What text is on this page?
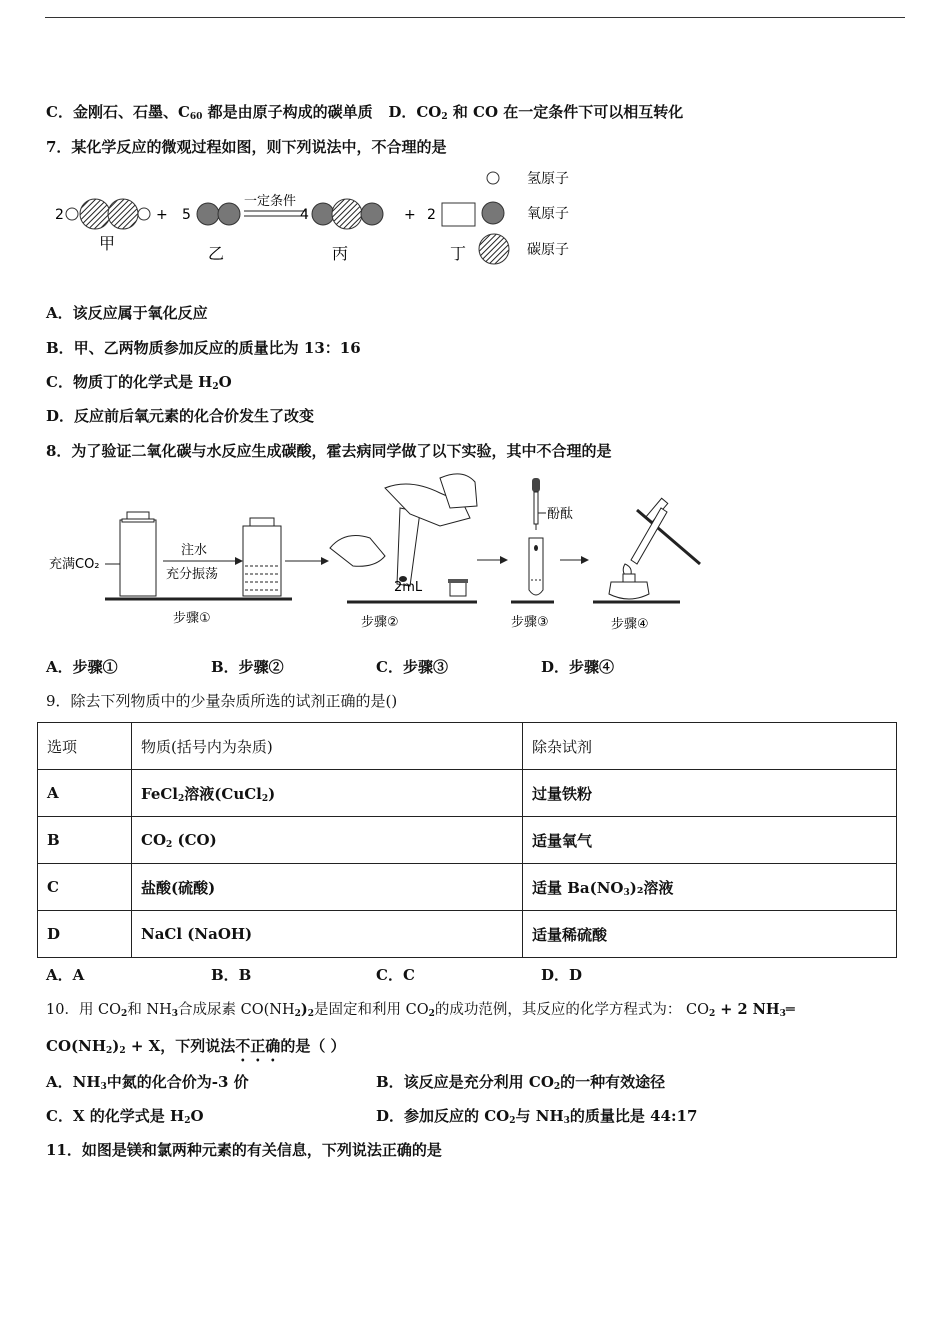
C．金刚石、石墨、$C_{60}$ 都是由原子构成的碳单质 D．$CO_2$ 和 CO 在一定条件下可以相互转化
7．某化学反应的微观过程如图，则下列说法中，不合理的是
2	+
甲
5
乙
一定条件
4
丙
+ 2
丁
氢原子
氧原子
碳原子
A．该反应属于氧化反应
B．甲、乙两物质参加反应的质量比为 13：16
C．物质丁的化学式是 $H_2O$
D．反应前后氧元素的化合价发生了改变
8．为了验证二氧化碳与水反应生成碳酸，霍去病同学做了以下实验，其中不合理的是
充满CO₂
注水
充分振荡
步骤①
2mL
步骤②
酚酞
步骤③	步骤④
A．步骤①	B．步骤②	C．步骤③	D．步骤④
9．除去下列物质中的少量杂质所选的试剂正确的是()
选项	物质(括号内为杂质)	除杂试剂
A	FeCl$_2$溶液(CuCl$_2$)	过量铁粉
B	$CO_2$ (CO)	适量氧气
C	盐酸(硫酸)	适量 $Ba(NO_3)_2$溶液
D	NaCl (NaOH)	适量稀硫酸
A．A	B．B	C．C	D．D
10．用 $CO_2$和 $NH_3$合成尿素 $CO(NH_2)_2$是固定和利用 $CO_2$的成功范例，其反应的化学方程式为： $CO_2 + 2$ $NH_3═$
$CO(NH_2)_2 + X$，下列说法不正确的是（ ）
A．$NH_3$中氮的化合价为-3 价	B．该反应是充分利用 $CO_2$的一种有效途径
C．X 的化学式是 $H_2O$	D．参加反应的 $CO_2$与 $NH_3$的质量比是 44:17
11．如图是镁和氯两种元素的有关信息，下列说法正确的是
